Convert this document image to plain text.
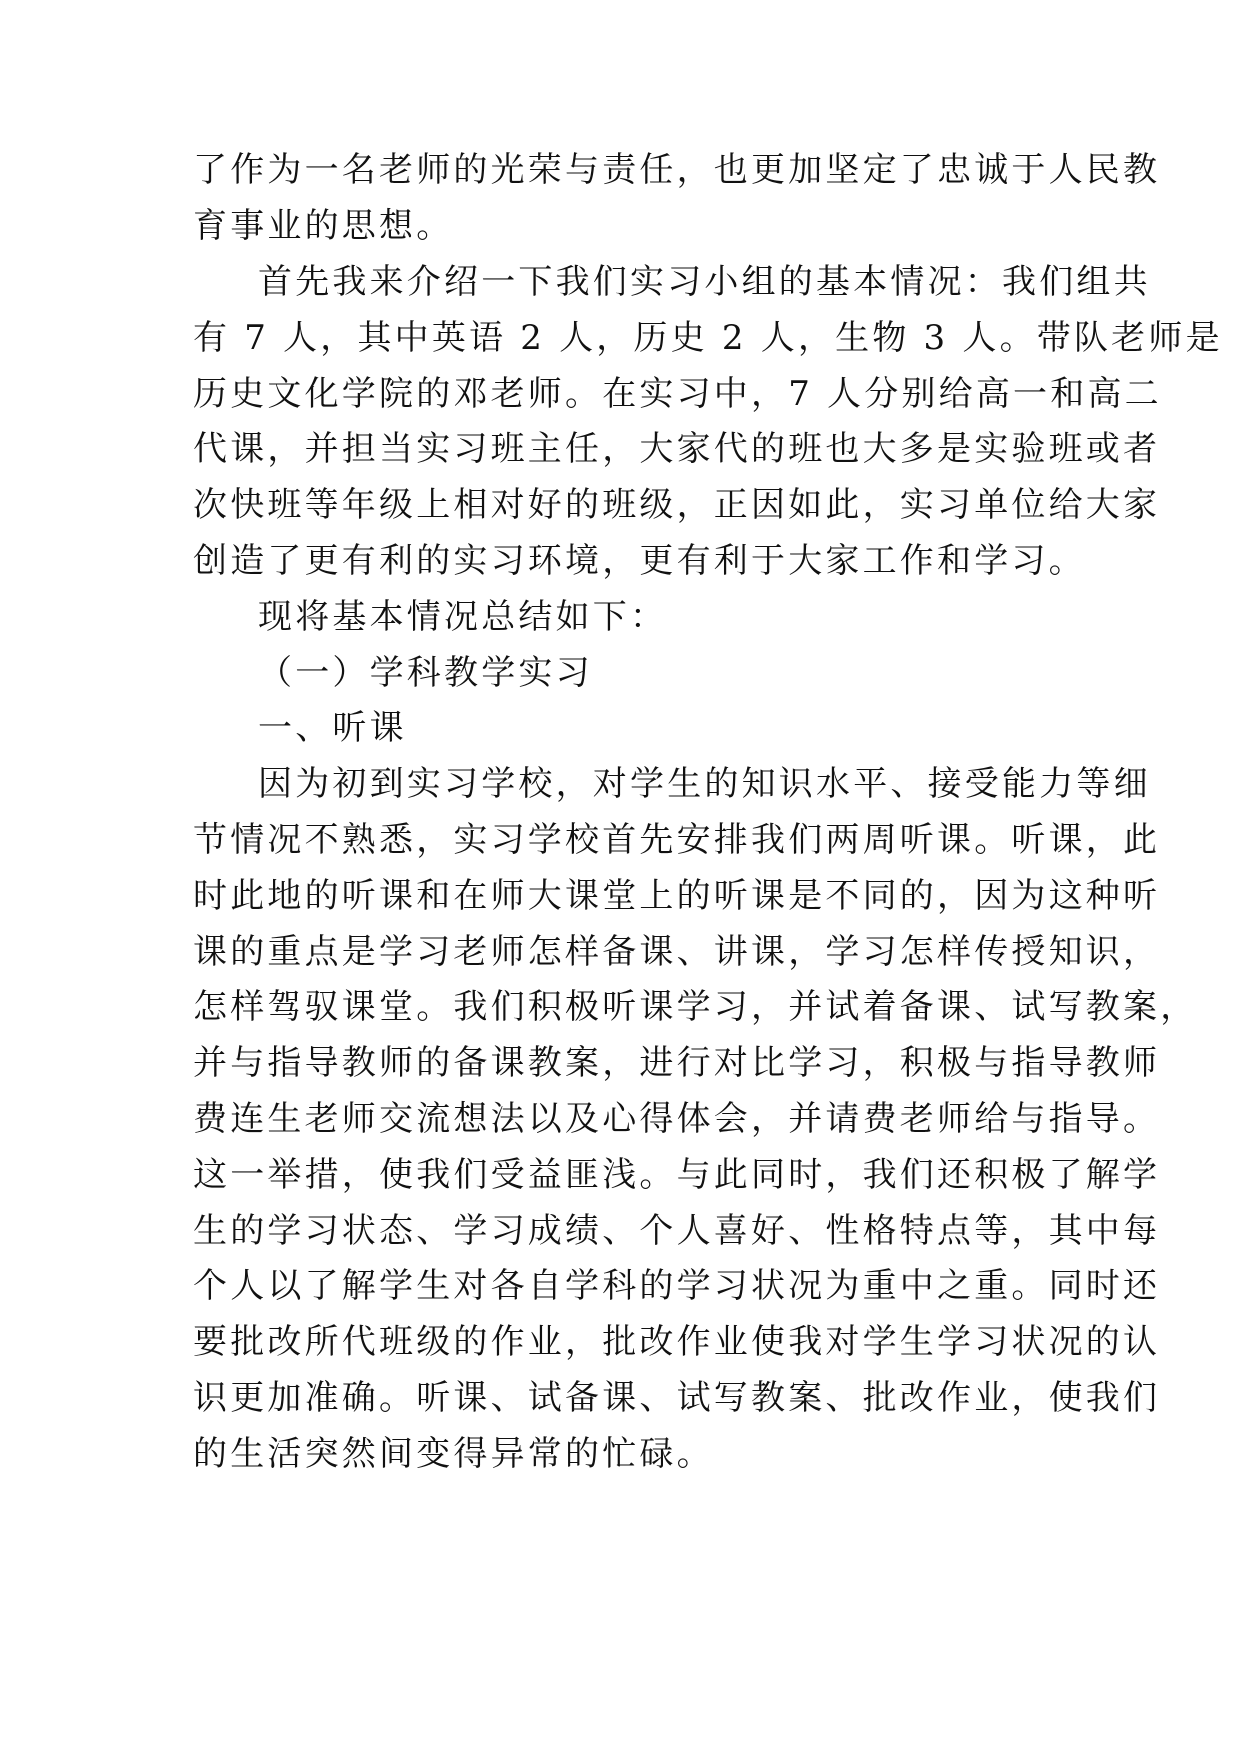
了作为一名老师的光荣与责任，也更加坚定了忠诚于人民教
育事业的思想。
首先我来介绍一下我们实习小组的基本情况：我们组共
有 7 人，其中英语 2 人，历史 2 人，生物 3 人。带队老师是
历史文化学院的邓老师。在实习中，7 人分别给高一和高二
代课，并担当实习班主任，大家代的班也大多是实验班或者
次快班等年级上相对好的班级，正因如此，实习单位给大家
创造了更有利的实习环境，更有利于大家工作和学习。
现将基本情况总结如下：
（一）学科教学实习
一、听课
因为初到实习学校，对学生的知识水平、接受能力等细
节情况不熟悉，实习学校首先安排我们两周听课。听课，此
时此地的听课和在师大课堂上的听课是不同的，因为这种听
课的重点是学习老师怎样备课、讲课，学习怎样传授知识，
怎样驾驭课堂。我们积极听课学习，并试着备课、试写教案，
并与指导教师的备课教案，进行对比学习，积极与指导教师
费连生老师交流想法以及心得体会，并请费老师给与指导。
这一举措，使我们受益匪浅。与此同时，我们还积极了解学
生的学习状态、学习成绩、个人喜好、性格特点等，其中每
个人以了解学生对各自学科的学习状况为重中之重。同时还
要批改所代班级的作业，批改作业使我对学生学习状况的认
识更加准确。听课、试备课、试写教案、批改作业，使我们
的生活突然间变得异常的忙碌。
